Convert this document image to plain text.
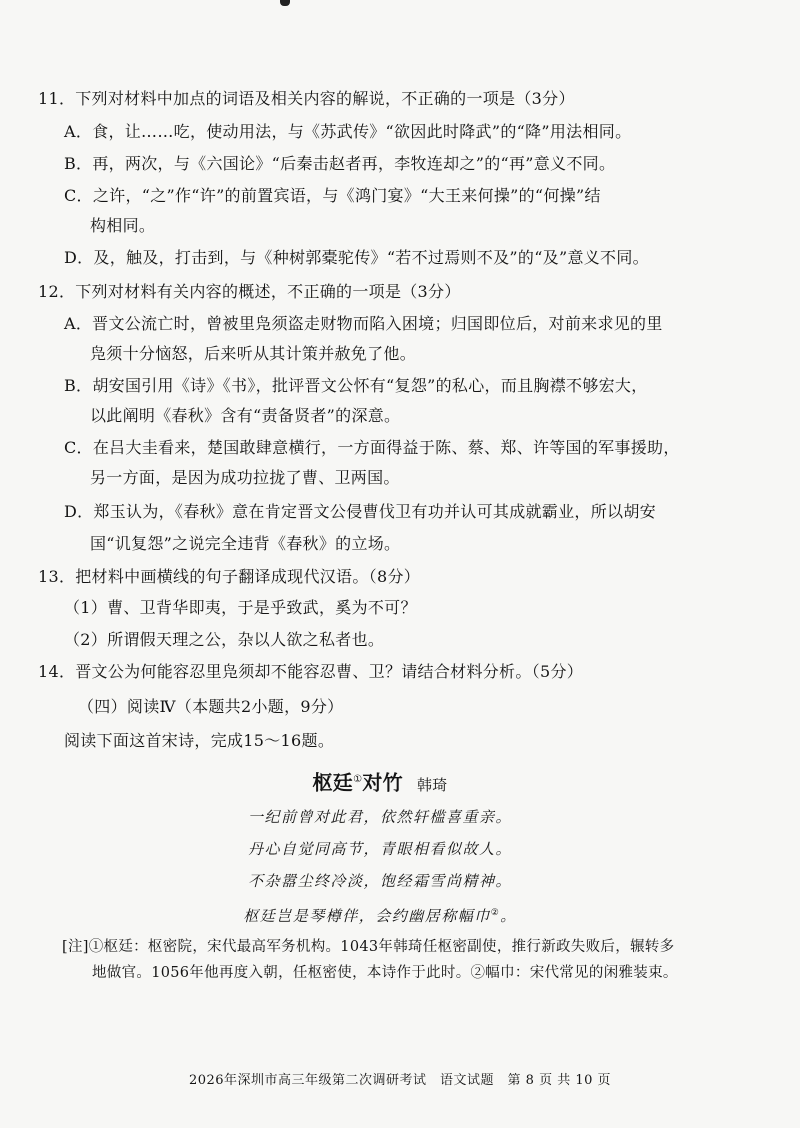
11．下列对材料中加点的词语及相关内容的解说，不正确的一项是（3分）
A．食，让……吃，使动用法，与《苏武传》“欲因此时降武”的“降”用法相同。
B．再，两次，与《六国论》“后秦击赵者再，李牧连却之”的“再”意义不同。
C．之许，“之”作“许”的前置宾语，与《鸿门宴》“大王来何操”的“何操”结
构相同。
D．及，触及，打击到，与《种树郭橐驼传》“若不过焉则不及”的“及”意义不同。
12．下列对材料有关内容的概述，不正确的一项是（3分）
A．晋文公流亡时，曾被里凫须盗走财物而陷入困境；归国即位后，对前来求见的里
凫须十分恼怒，后来听从其计策并赦免了他。
B．胡安国引用《诗》《书》，批评晋文公怀有“复怨”的私心，而且胸襟不够宏大，
以此阐明《春秋》含有“责备贤者”的深意。
C．在吕大圭看来，楚国敢肆意横行，一方面得益于陈、蔡、郑、许等国的军事援助，
另一方面，是因为成功拉拢了曹、卫两国。
D．郑玉认为，《春秋》意在肯定晋文公侵曹伐卫有功并认可其成就霸业，所以胡安
国“讥复怨”之说完全违背《春秋》的立场。
13．把材料中画横线的句子翻译成现代汉语。（8分）
（1）曹、卫背华即夷，于是乎致武，奚为不可？
（2）所谓假天理之公，杂以人欲之私者也。
14．晋文公为何能容忍里凫须却不能容忍曹、卫？请结合材料分析。（5分）
（四）阅读Ⅳ（本题共2小题，9分）
阅读下面这首宋诗，完成15～16题。
枢廷①对竹 韩琦
一纪前曾对此君，依然轩槛喜重亲。
丹心自觉同高节，青眼相看似故人。
不杂嚣尘终冷淡，饱经霜雪尚精神。
枢廷岂是琴樽伴，会约幽居称幅巾②。
[注]①枢廷：枢密院，宋代最高军务机构。1043年韩琦任枢密副使，推行新政失败后，辗转多
地做官。1056年他再度入朝，任枢密使，本诗作于此时。②幅巾：宋代常见的闲雅装束。
2026年深圳市高三年级第二次调研考试　语文试题　第 8 页 共 10 页
